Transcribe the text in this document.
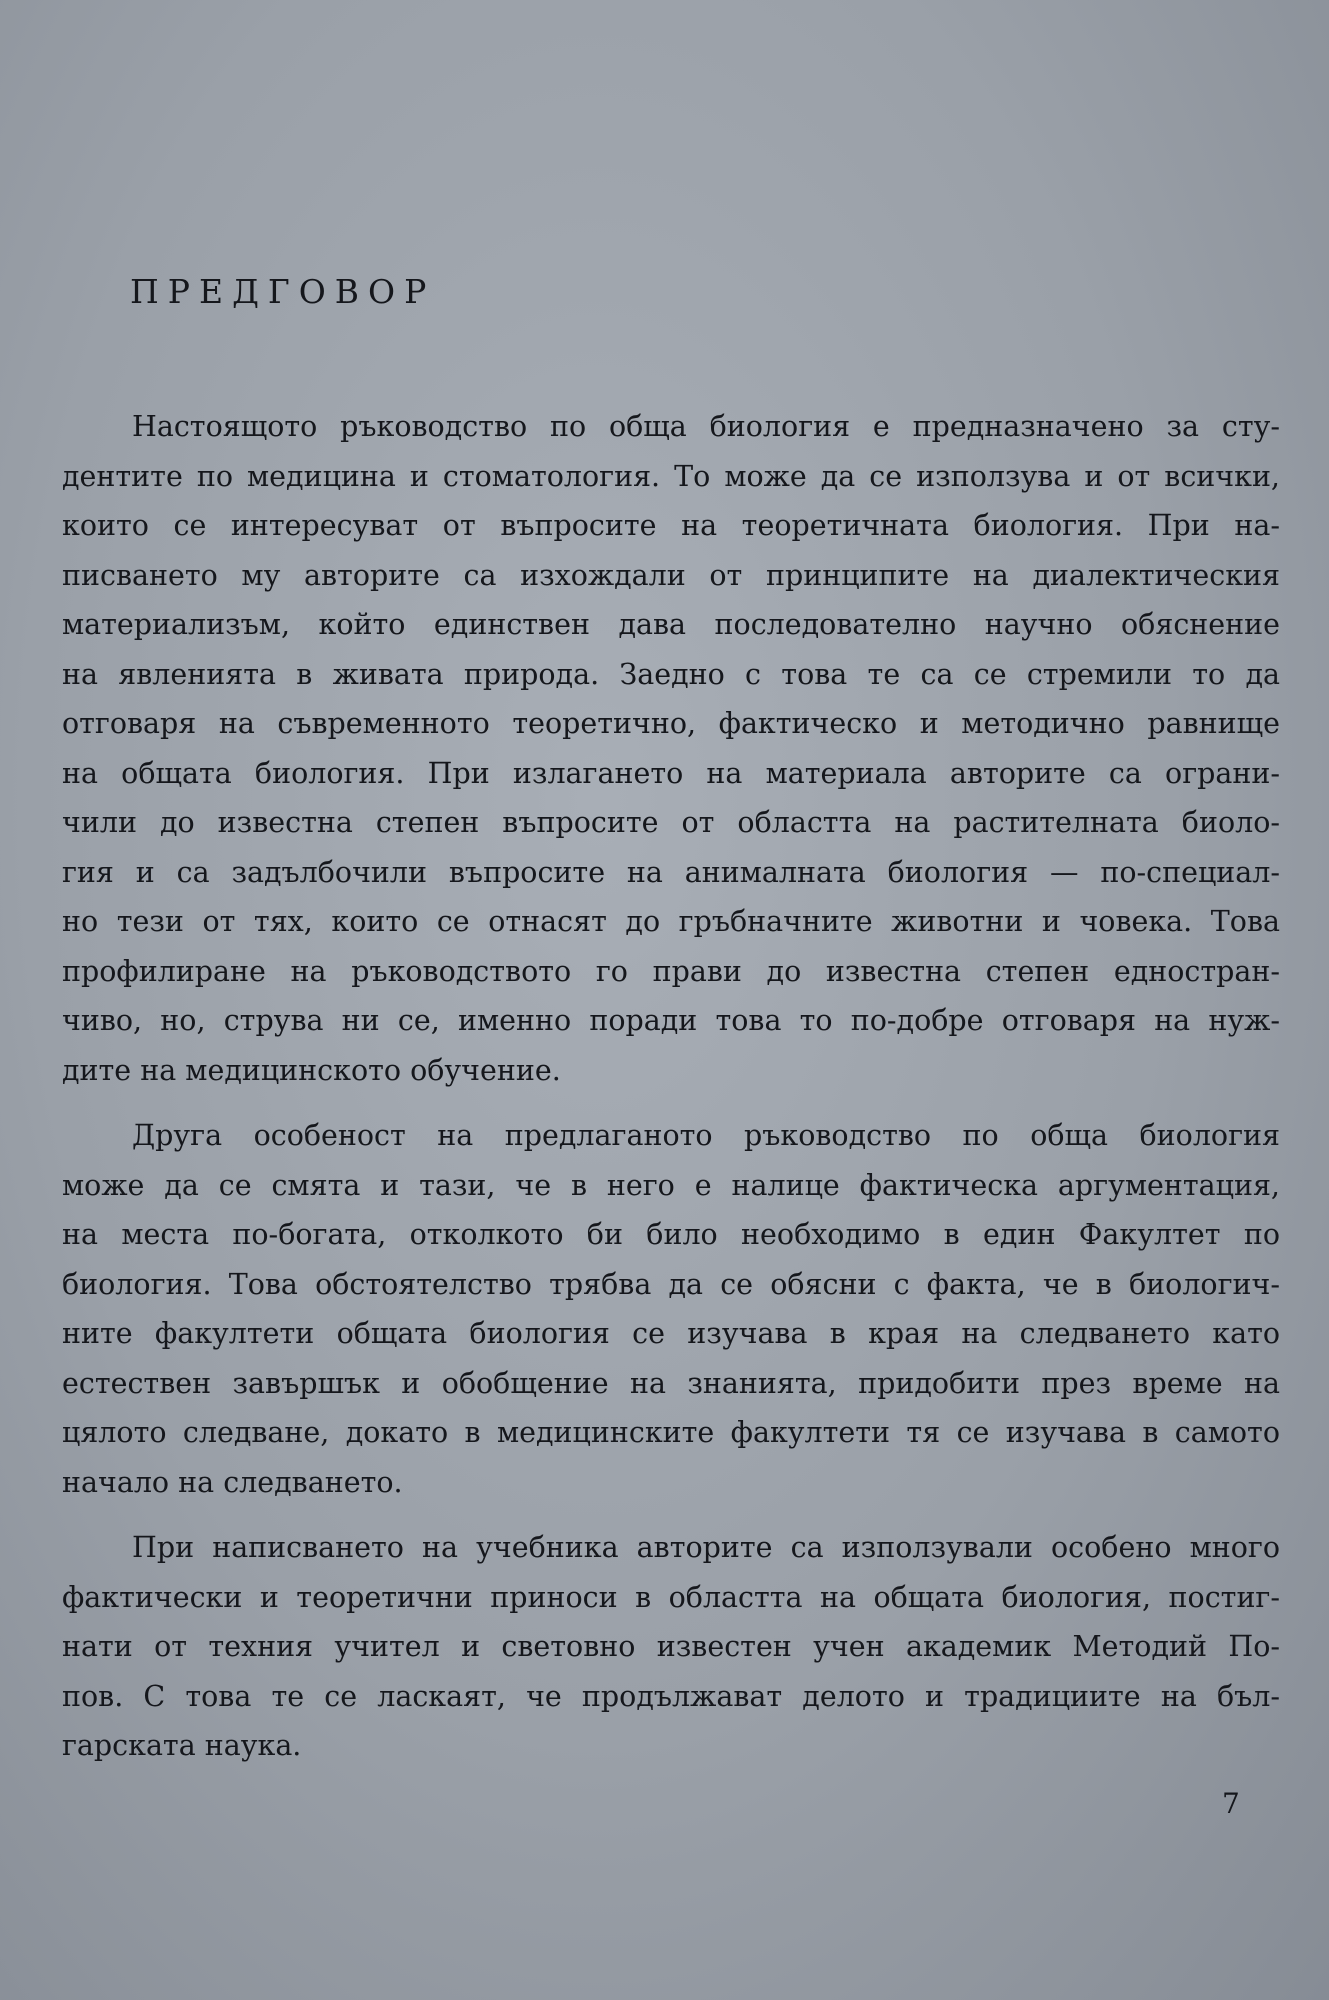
ПРЕДГОВОР
Настоящото ръководство по обща биология е предназначено за сту-
дентите по медицина и стоматология. То може да се използува и от всички,
които се интересуват от въпросите на теоретичната биология. При на-
писването му авторите са изхождали от принципите на диалектическия
материализъм, който единствен дава последователно научно обяснение
на явленията в живата природа. Заедно с това те са се стремили то да
отговаря на съвременното теоретично, фактическо и методично равнище
на общата биология. При излагането на материала авторите са ограни-
чили до известна степен въпросите от областта на растителната биоло-
гия и са задълбочили въпросите на анималната биология — по-специал-
но тези от тях, които се отнасят до гръбначните животни и човека. Това
профилиране на ръководството го прави до известна степен едностран-
чиво, но, струва ни се, именно поради това то по-добре отговаря на нуж-
дите на медицинското обучение.
Друга особеност на предлаганото ръководство по обща биология
може да се смята и тази, че в него е налице фактическа аргументация,
на места по-богата, отколкото би било необходимо в един Факултет по
биология. Това обстоятелство трябва да се обясни с факта, че в биологич-
ните факултети общата биология се изучава в края на следването като
естествен завършък и обобщение на знанията, придобити през време на
цялото следване, докато в медицинските факултети тя се изучава в самото
начало на следването.
При написването на учебника авторите са използували особено много
фактически и теоретични приноси в областта на общата биология, постиг-
нати от техния учител и световно известен учен академик Методий По-
пов. С това те се ласкаят, че продължават делото и традициите на бъл-
гарската наука.
7
